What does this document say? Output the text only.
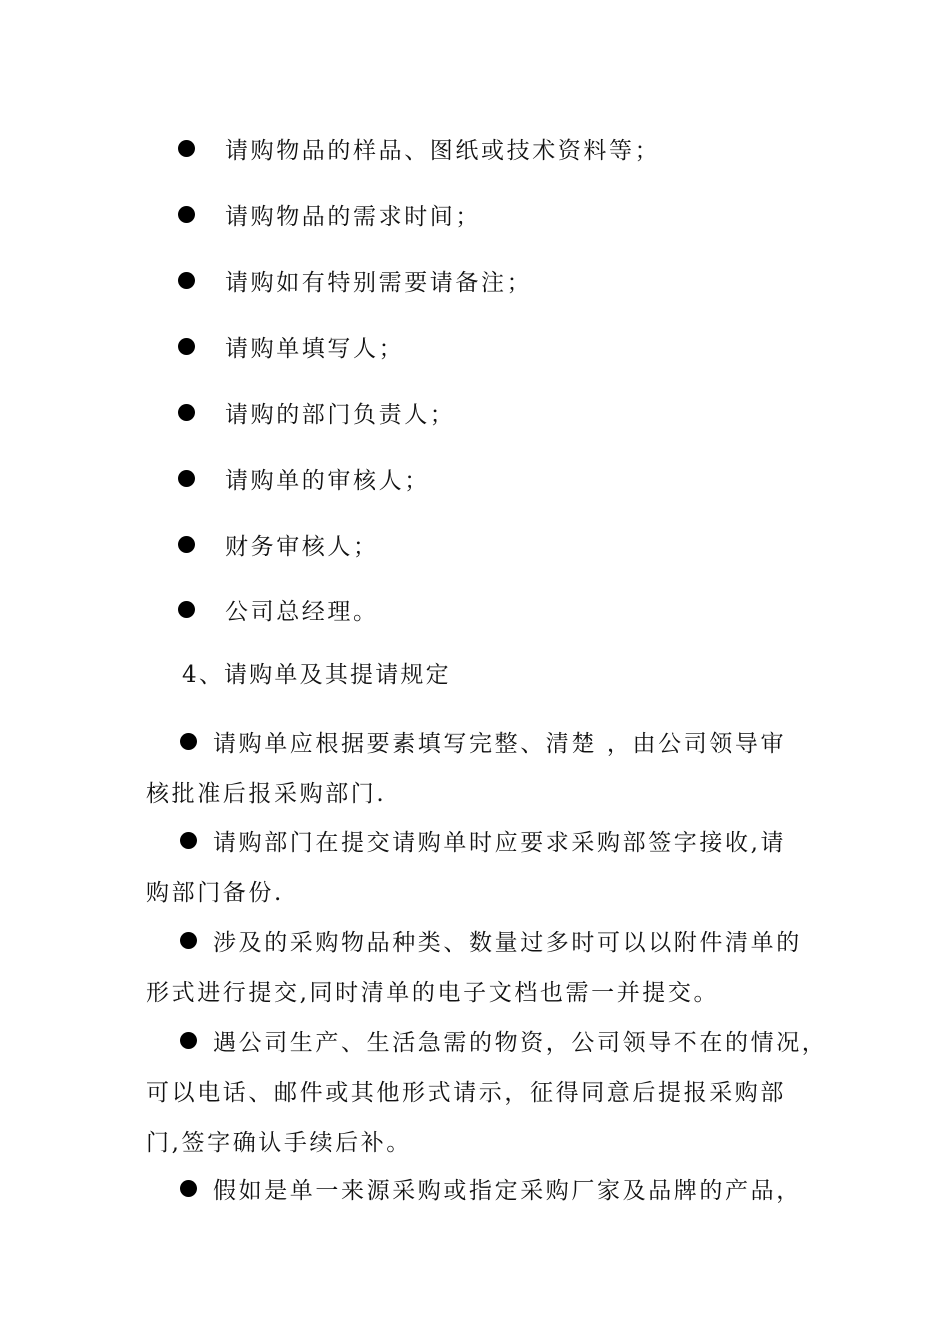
请购物品的样品、图纸或技术资料等；
请购物品的需求时间；
请购如有特别需要请备注；
请购单填写人；
请购的部门负责人；
请购单的审核人；
财务审核人；
公司总经理。
4、请购单及其提请规定
请购单应根据要素填写完整、清楚 ，由公司领导审
核批准后报采购部门.
请购部门在提交请购单时应要求采购部签字接收,请
购部门备份.
涉及的采购物品种类、数量过多时可以以附件清单的
形式进行提交,同时清单的电子文档也需一并提交。
遇公司生产、生活急需的物资，公司领导不在的情况，
可以电话、邮件或其他形式请示，征得同意后提报采购部
门,签字确认手续后补。
假如是单一来源采购或指定采购厂家及品牌的产品，
